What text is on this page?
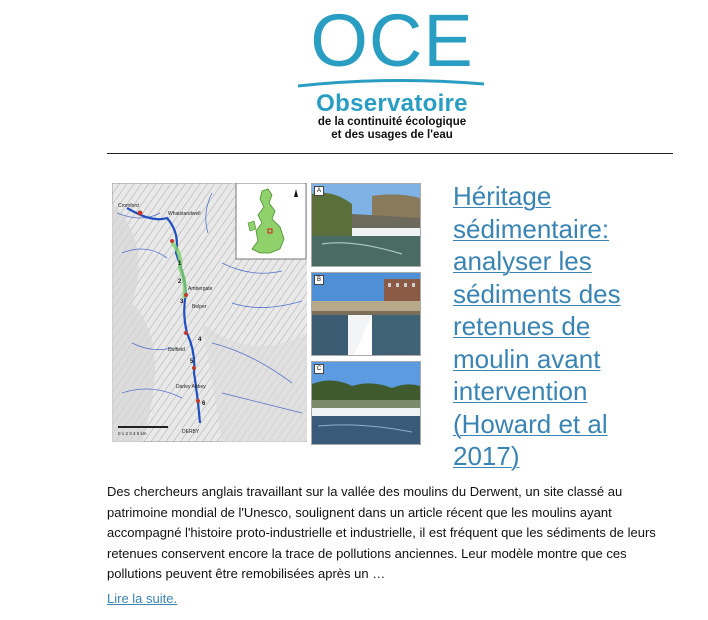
OCE
Observatoire
de la continuité écologique
et des usages de l'eau
Cromford
Whatstandwell
Ambergate
Belper
Duffield
Darley Abbey
DERBY
1
2
3
4
5
6
0 1 2 3 4 5 km
A
B
C
Héritage sédimentaire: analyser les sédiments des retenues de moulin avant intervention (Howard et al 2017)
Des chercheurs anglais travaillant sur la vallée des moulins du Derwent, un site classé au patrimoine mondial de l'Unesco, soulignent dans un article récent que les moulins ayant accompagné l'histoire proto-industrielle et industrielle, il est fréquent que les sédiments de leurs retenues conservent encore la trace de pollutions anciennes. Leur modèle montre que ces pollutions peuvent être remobilisées après un …
Lire la suite.
